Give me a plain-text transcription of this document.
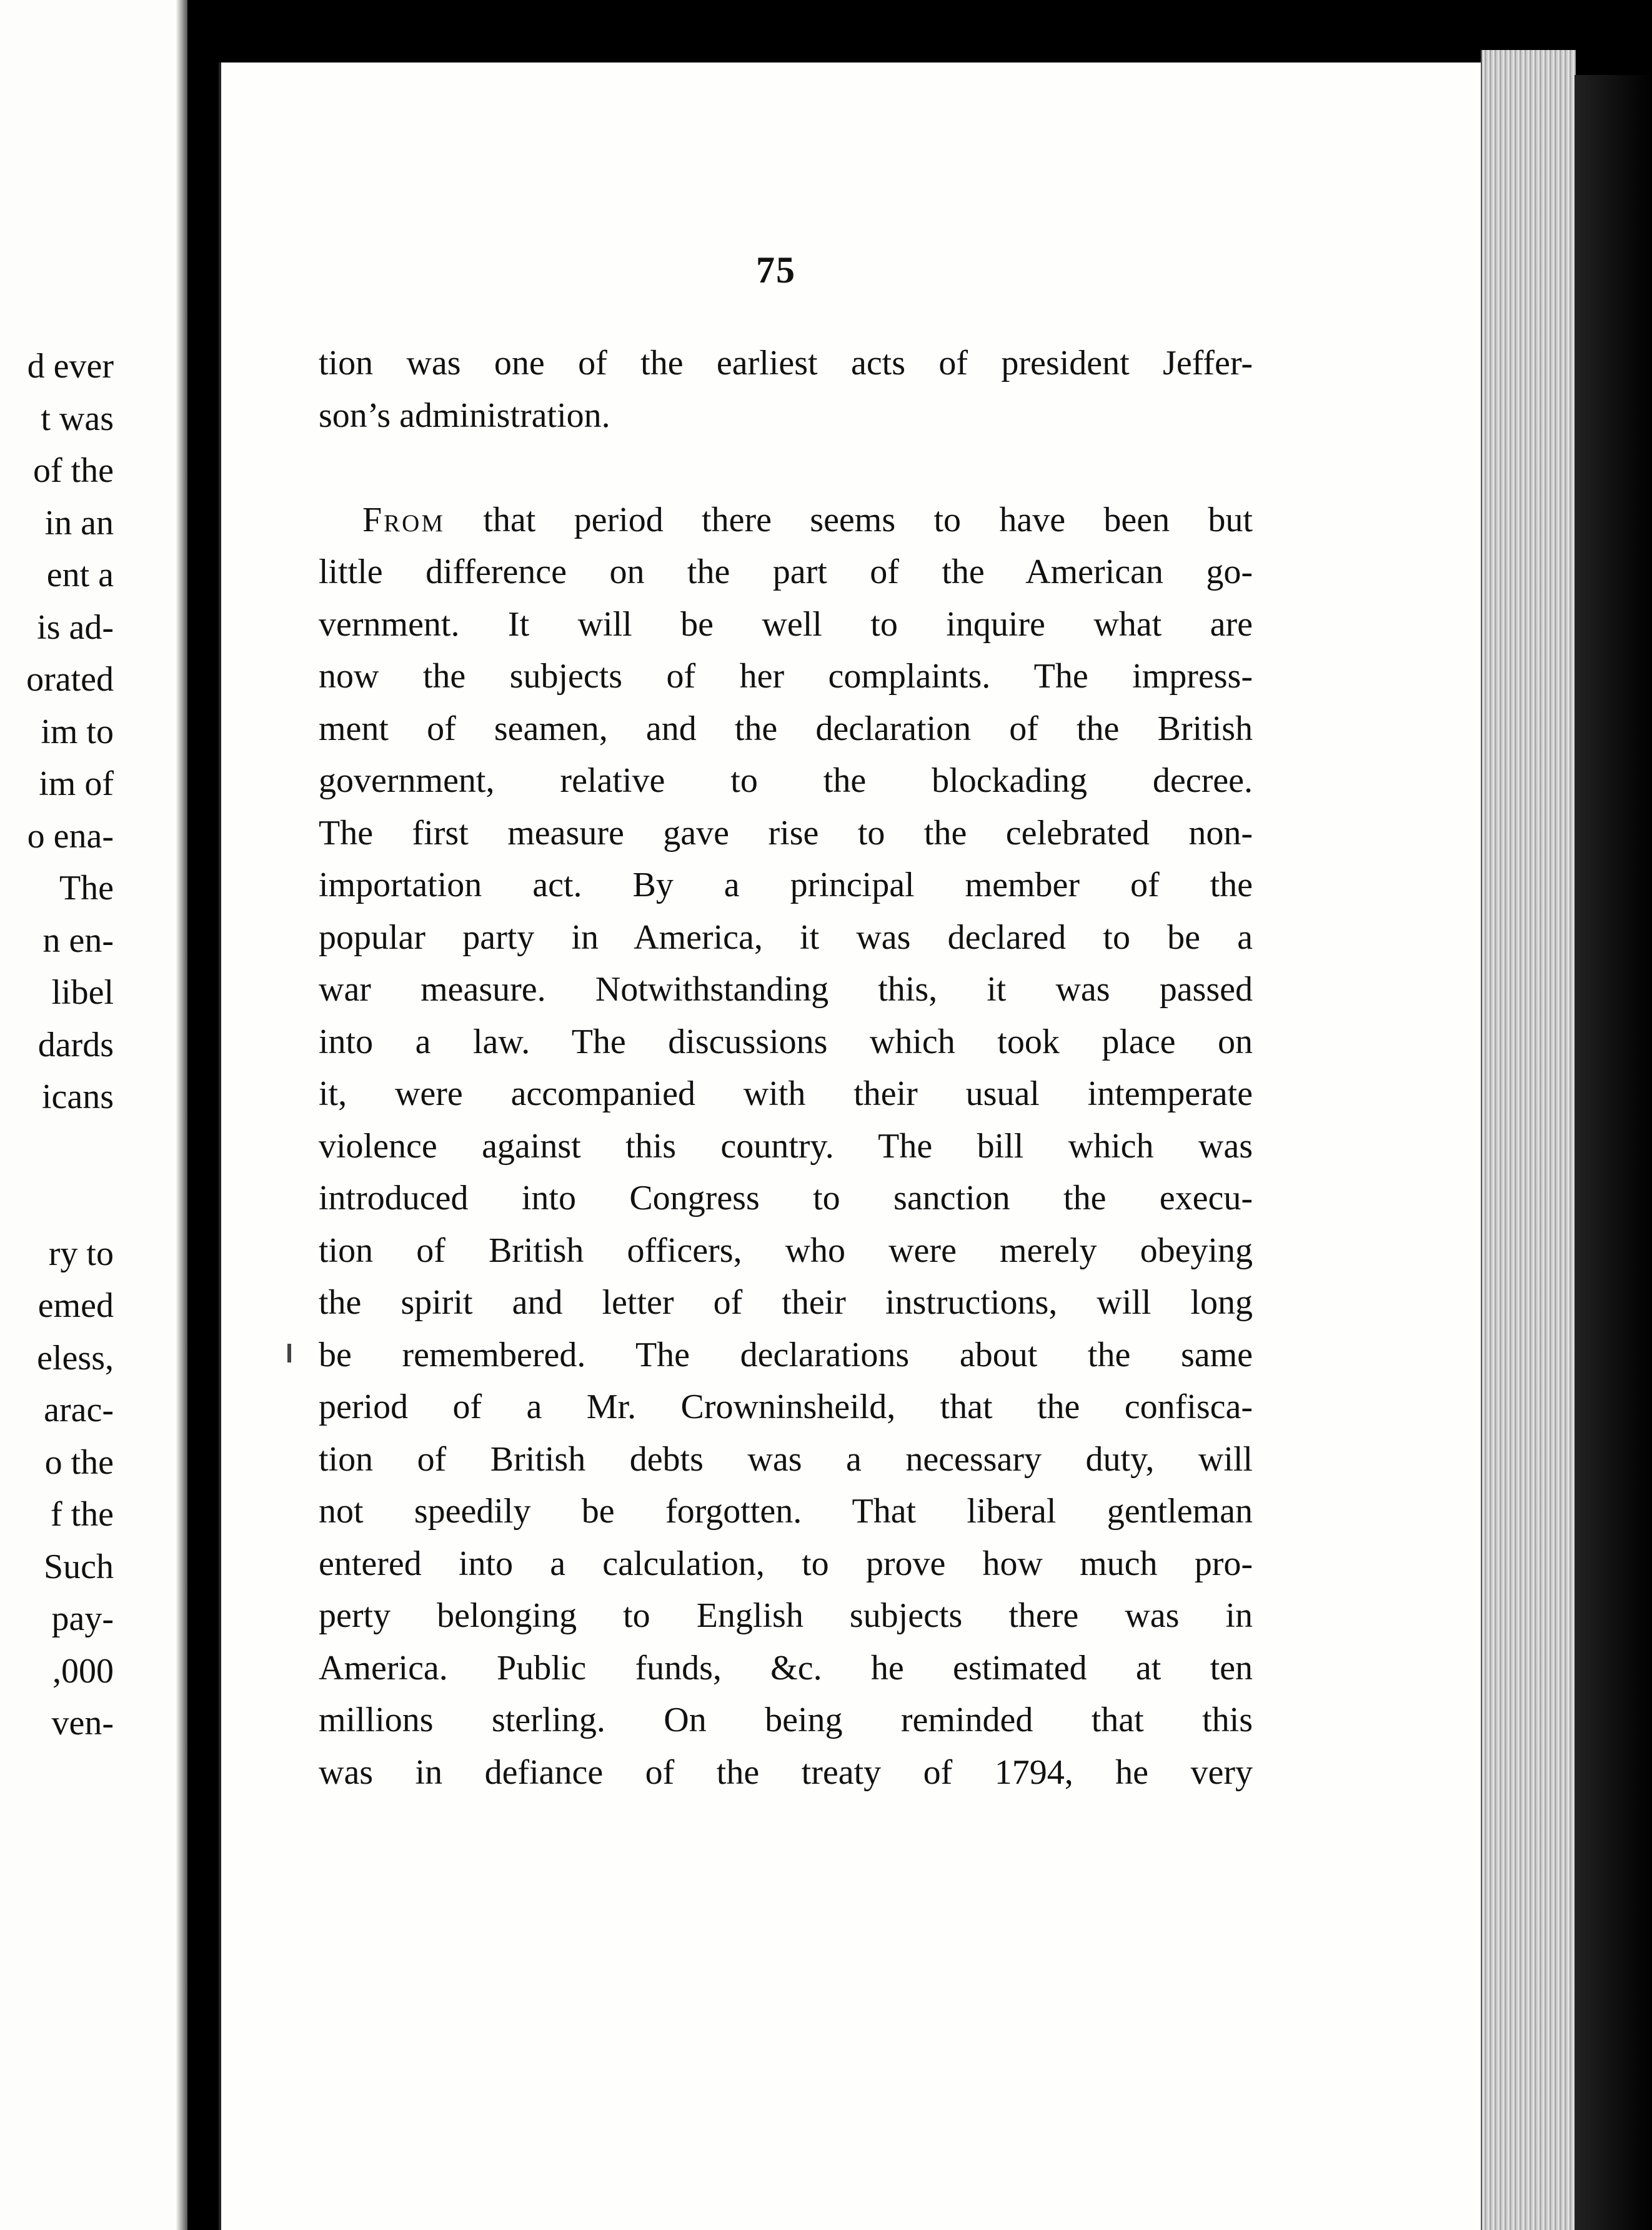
d ever
t was
of the
in an
ent a
is ad-
orated
im to
im of
o ena-
The
n en-
libel
dards
icans

ry to
emed
eless,
arac-
o the
f the
Such
pay-
,000
ven-
75
tion was one of the earliest acts of president Jeffer-
son’s administration.
From that period there seems to have been but
little difference on the part of the American go-
vernment. It will be well to inquire what are
now the subjects of her complaints. The impress-
ment of seamen, and the declaration of the British
government, relative to the blockading decree.
The first measure gave rise to the celebrated non-
importation act. By a principal member of the
popular party in America, it was declared to be a
war measure. Notwithstanding this, it was passed
into a law. The discussions which took place on
it, were accompanied with their usual intemperate
violence against this country. The bill which was
introduced into Congress to sanction the execu-
tion of British officers, who were merely obeying
the spirit and letter of their instructions, will long
be remembered. The declarations about the same
period of a Mr. Crowninsheild, that the confisca-
tion of British debts was a necessary duty, will
not speedily be forgotten. That liberal gentleman
entered into a calculation, to prove how much pro-
perty belonging to English subjects there was in
America. Public funds, &c. he estimated at ten
millions sterling. On being reminded that this
was in defiance of the treaty of 1794, he very
